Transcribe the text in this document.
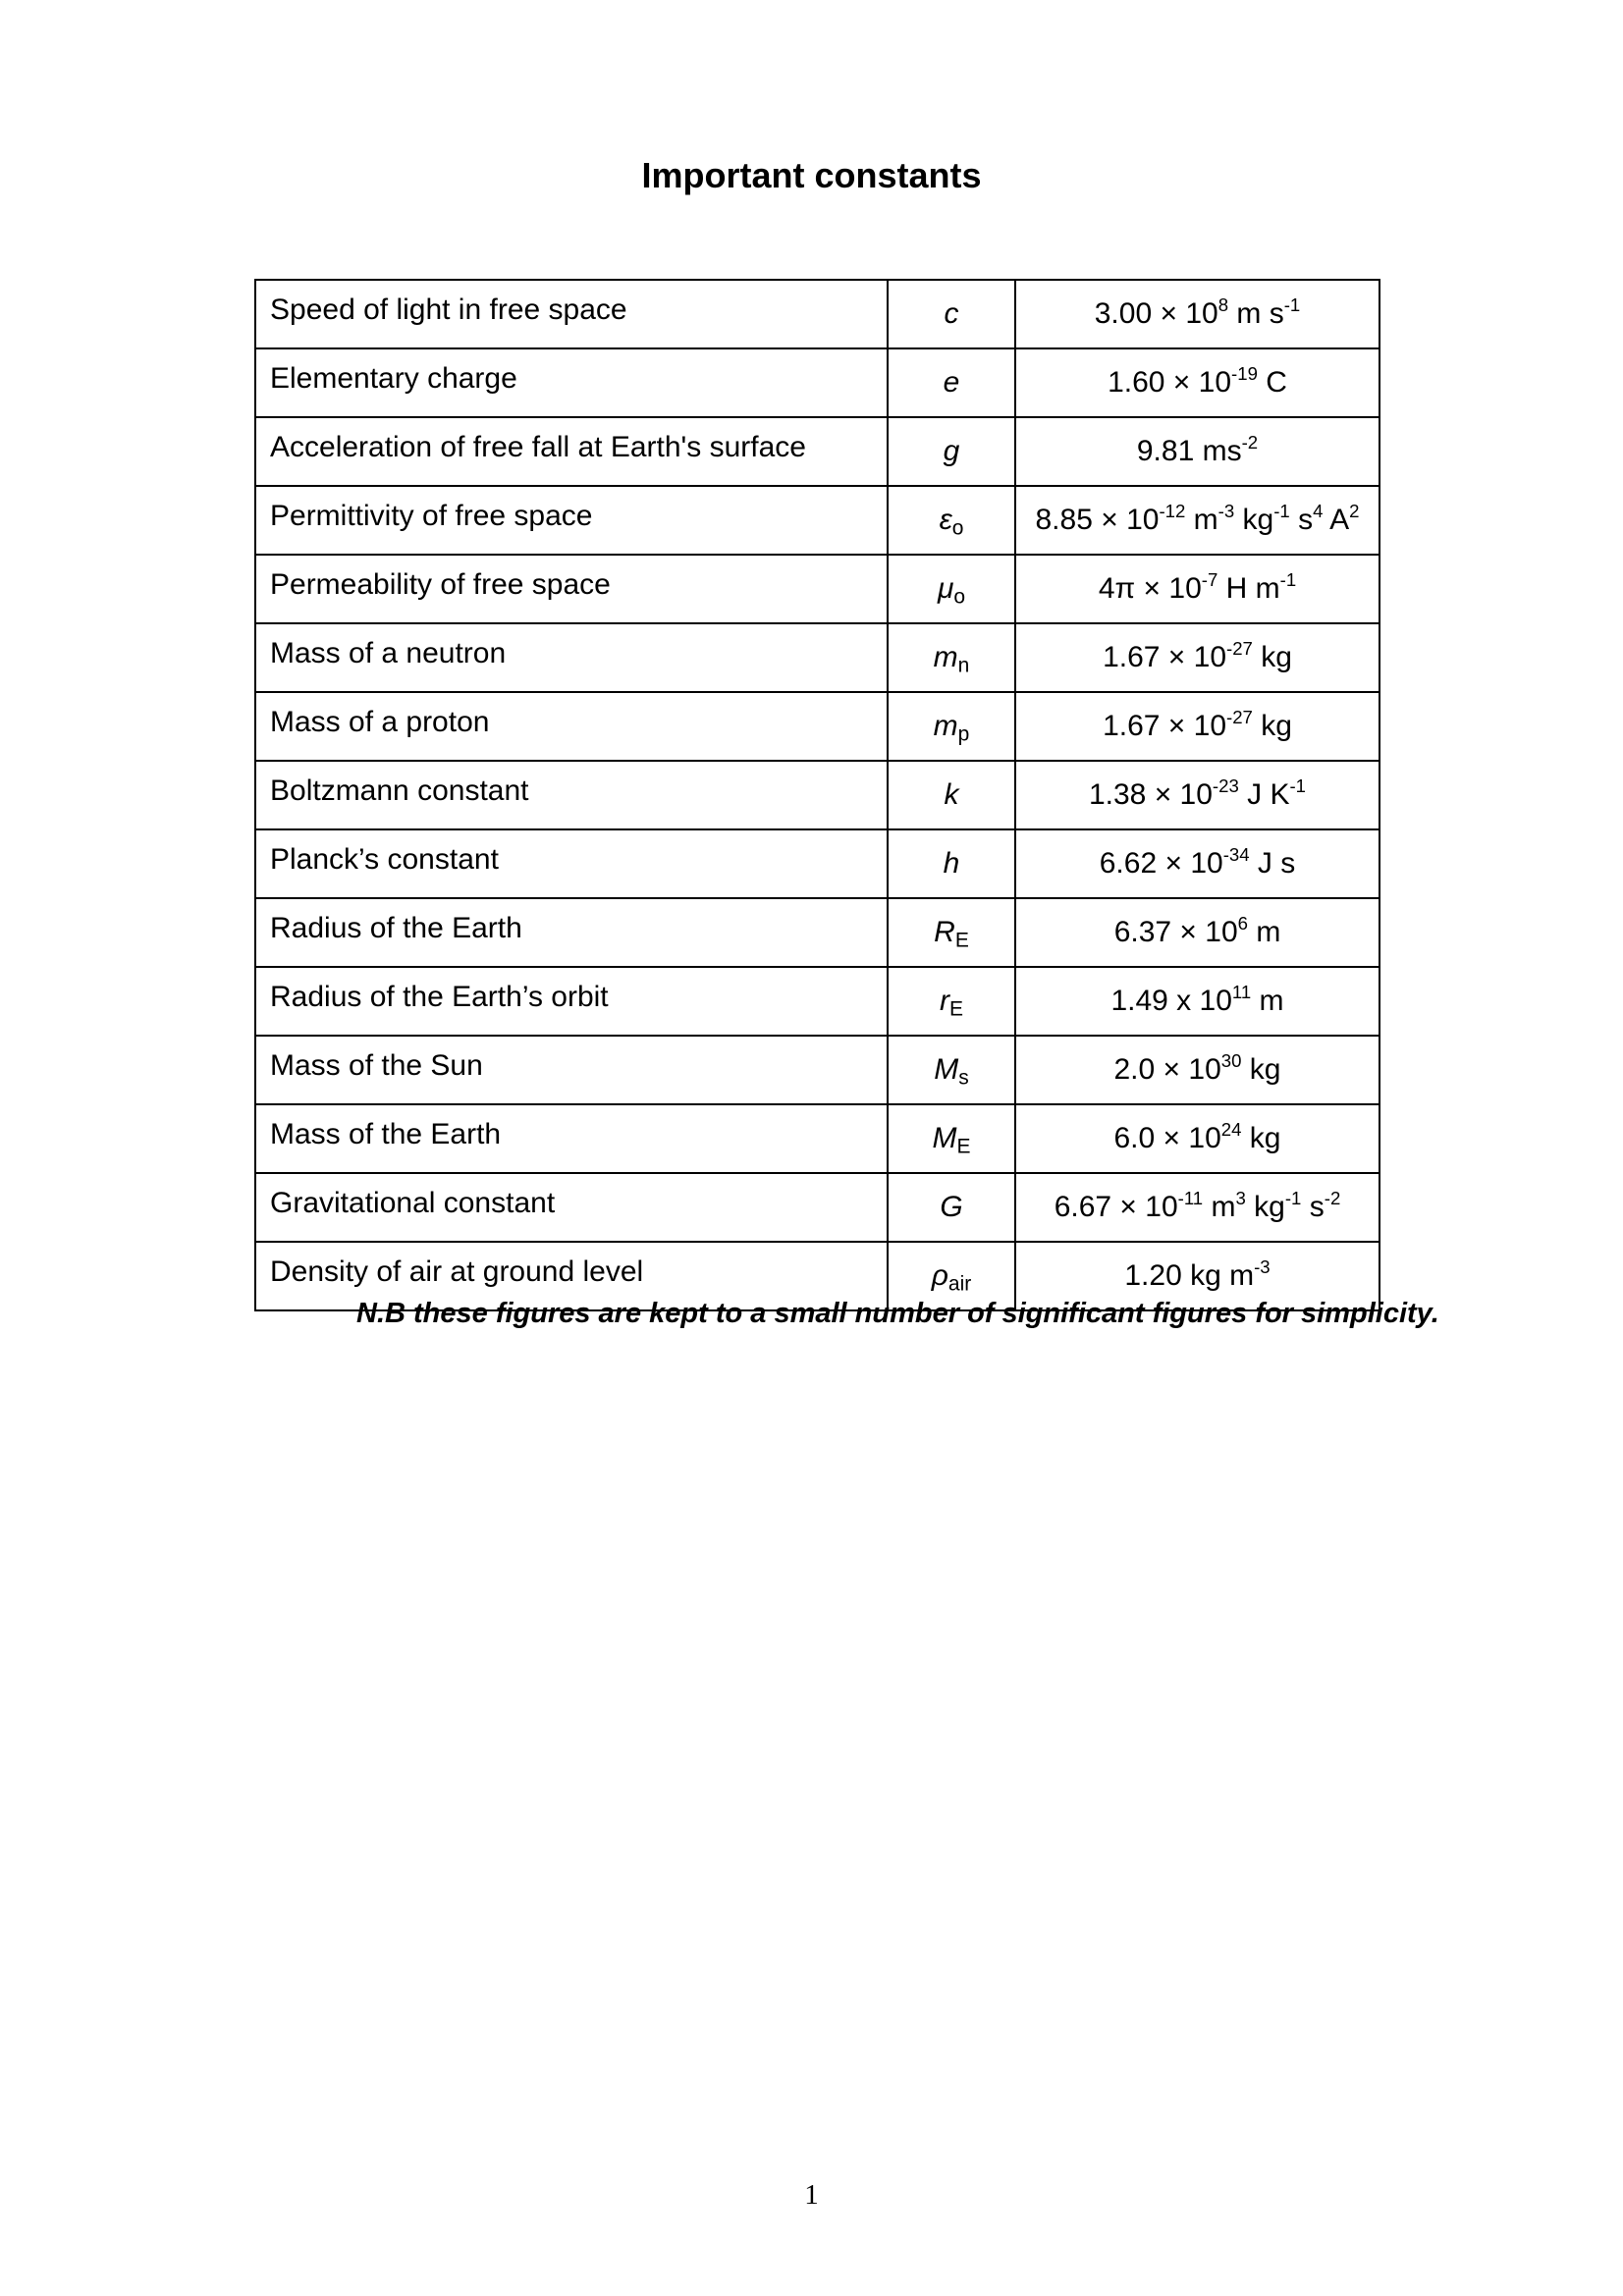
Important constants
Speed of light in free space	c	$3.00 \times 10^8$ m $s^{-1}$
Elementary charge	e	$1.60 \times 10^{-19}$ C
Acceleration of free fall at Earth's surface	g	9.81 $ms^{-2}$
Permittivity of free space	εo	$8.85 \times 10^{-12}$ $m^{-3}$ $kg^{-1}$ $s^4$ $A^2$
Permeability of free space	μo	$4\pi \times 10^{-7}$ H $m^{-1}$
Mass of a neutron	mn	$1.67 \times 10^{-27}$ kg
Mass of a proton	mp	$1.67 \times 10^{-27}$ kg
Boltzmann constant	k	$1.38 \times 10^{-23}$ J $K^{-1}$
Planck’s constant	h	$6.62 \times 10^{-34}$ J s
Radius of the Earth	RE	$6.37 \times 10^6$ m
Radius of the Earth’s orbit	rE	1.49 x $10^{11}$ m
Mass of the Sun	Ms	$2.0 \times 10^{30}$ kg
Mass of the Earth	ME	$6.0 \times 10^{24}$ kg
Gravitational constant	G	$6.67 \times 10^{-11}$ $m^3$ $kg^{-1}$ $s^{-2}$
Density of air at ground level	ρair	1.20 kg $m^{-3}$

N.B these figures are kept to a small number of significant figures for simplicity.

1
